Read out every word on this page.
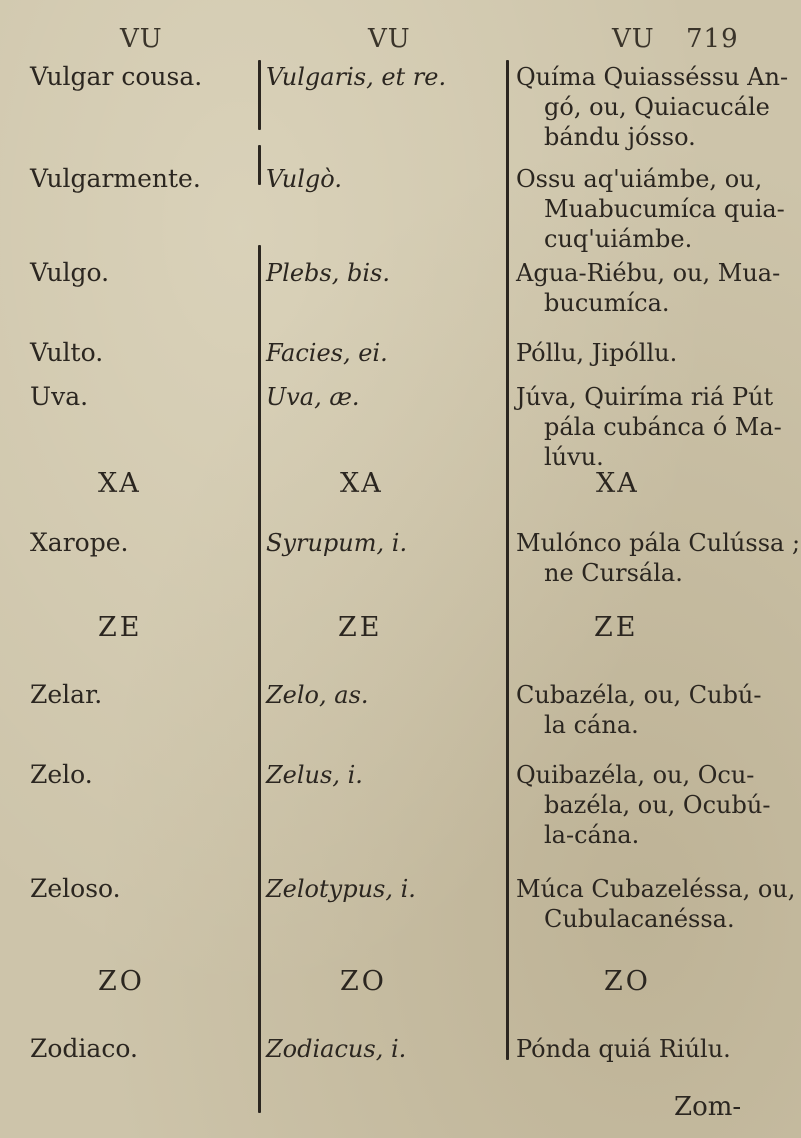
VU	VU	VU 719
Vulgar cousa.	Vulgaris, et re.	Químa Quiasséssu An-
gó, ou, Quiacucále
bándu jósso.
Vulgarmente.	Vulgò.	Ossu aq'uiámbe, ou,
Muabucumíca quia-
cuq'uiámbe.
Vulgo.	Plebs, bis.	Agua-Riébu, ou, Mua-
bucumíca.
Vulto.	Facies, ei.	Póllu, Jipóllu.
Uva.	Uva, æ.	Júva, Quiríma riá Pút
pála cubánca ó Ma-
lúvu.
XA	XA	XA
Xarope.	Syrupum, i.	Mulónco pála Culússa ;
ne Cursála.
ZE	ZE	ZE
Zelar.	Zelo, as.	Cubazéla, ou, Cubú-
la cána.
Zelo.	Zelus, i.	Quibazéla, ou, Ocu-
bazéla, ou, Ocubú-
la-cána.
Zeloso.	Zelotypus, i.	Múca Cubazeléssa, ou,
Cubulacanéssa.
ZO	ZO	ZO
Zodiaco.	Zodiacus, i.	Pónda quiá Riúlu.
Zom-
